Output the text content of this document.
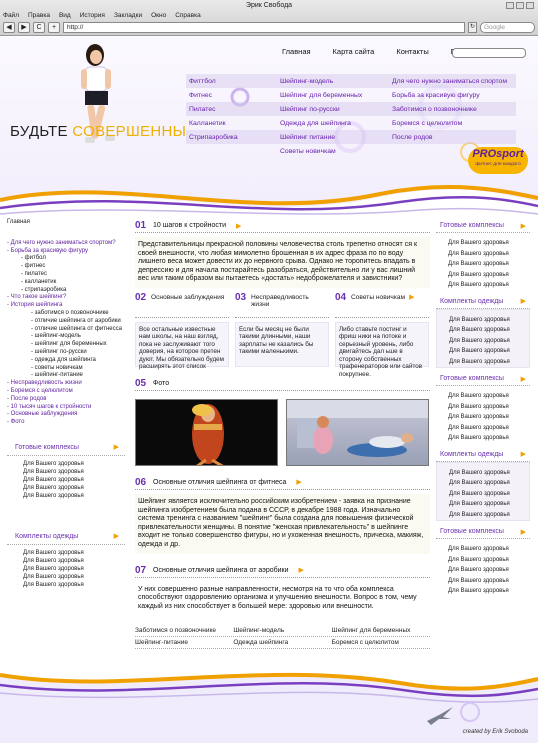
Эрик Свобода
Файл Правка Вид История Закладки Окно Справка
◀	▶	C	+	http://	↻	Google
Главная	Карта сайта	Контакты
БУДЬТЕ СОВЕРШЕННЫ
Фиттбол	Шейпинг-модель	Для чего нужно заниматься спортом
Фитнес	Шейпинг для беременных	Борьба за красивую фигуру
Пилатес	Шейпинг по-русски	Заботимся о позвоночнике
Калланетик	Одежда для шейпинга	Боремся с целюлитом
Стрипаэробика	Шейпинг питание	После родов
Советы новичкам	PROsport
фитнес для каждого
Главная
- Для чего нужно заниматься спортом?
- Борьба за красивую фигуру
- фитбол
- фитнес
- пилатес
- калланетик
- стрипаэробика
- Что такое шейпинг?
- История шейпинга
- заботимся о позвоночнике
- отличие шейпинга от аэробики
- отличие шейпинга от фитнесса
- шейпинг-модель
- шейпинг для беременных
- шейпинг по-русски
- одежда для шейпинга
- советы новичкам
- шейпинг-питание
- Несправедливость жизни
- Боремся с целюлитом
- После родов
- 10 тысяч шагов к стройности
- Основные заблуждения
- Фото
Готовые комплексы	▶
Для Вашего здоровья
Для Вашего здоровья
Для Вашего здоровья
Для Вашего здоровья
Для Вашего здоровья
Комплекты одежды	▶
Для Вашего здоровья
Для Вашего здоровья
Для Вашего здоровья
Для Вашего здоровья
Для Вашего здоровья
01 10 шагов к стройности ▶
Представительницы прекрасной половины человечества столь трепетно относят ся к своей внешности, что любая мимолетно брошенная в их адрес фраза по по воду лишнего веса может довести их до нервного срыва. Однако не торопитесь впадать в депрессию и для начала постарайтесь разобраться, действительно ли у вас лишний вес или таким образом вы пытаетесь «достать» недоброжелателя и завистники?
02 Основные заблуждения
Все остальные известные нам школы, на наш взгляд, пока не заслуживают того доверия, на которое претен дуют. Мы обязательно будем расширять этот список
03 Несправедливость жизни
Если бы месяц не были такими длинными, наши зарплаты не казались бы такими маленькими.
04 Советы новичкам ▶
Либо ставьте постинг и фриш ники на потоке и серьезный уровень, либо двигайтесь дал ьше в сторону собственных трафенераторов или сайтов покрупнее.
05 Фото
06 Основные отличия шейпинга от фитнеса ▶
Шейпинг является исключительно российским изобретением - заявка на признание шейпинга изобретением была подана в СССР, в декабре 1988 года. Изначально система тренинга с названием "шейпинг" была создана для повышения физической привлекательности женщины. В понятие "женская привлекательность" в шейпинге входит не только совершенство фигуры, но и ухоженная внешность, прическа, макияж, одежда и др.
07 Основные отличия шейпинга от аэробики ▶
У них совершенно разные направленности, несмотря на то что оба комплекса способствуют оздоровлению организма и улучшению внешности. Вопрос в том, чему каждый из них способствует в большей мере: здоровью или внешности.
Заботимся о позвоночнике	Шейпинг-модель	Шейпинг для беременных
Шейпинг-питание	Одежда шейпинга	Боремся с целюлитом
Готовые комплексы ▶
Для Вашего здоровья
Для Вашего здоровья
Для Вашего здоровья
Для Вашего здоровья
Для Вашего здоровья
Комплекты одежды ▶
Для Вашего здоровья
Для Вашего здоровья
Для Вашего здоровья
Для Вашего здоровья
Для Вашего здоровья
Готовые комплексы ▶
Для Вашего здоровья
Для Вашего здоровья
Для Вашего здоровья
Для Вашего здоровья
Для Вашего здоровья
Комплекты одежды ▶
Для Вашего здоровья
Для Вашего здоровья
Для Вашего здоровья
Для Вашего здоровья
Для Вашего здоровья
Готовые комплексы ▶
Для Вашего здоровья
Для Вашего здоровья
Для Вашего здоровья
Для Вашего здоровья
Для Вашего здоровья
created by Erik Svoboda
